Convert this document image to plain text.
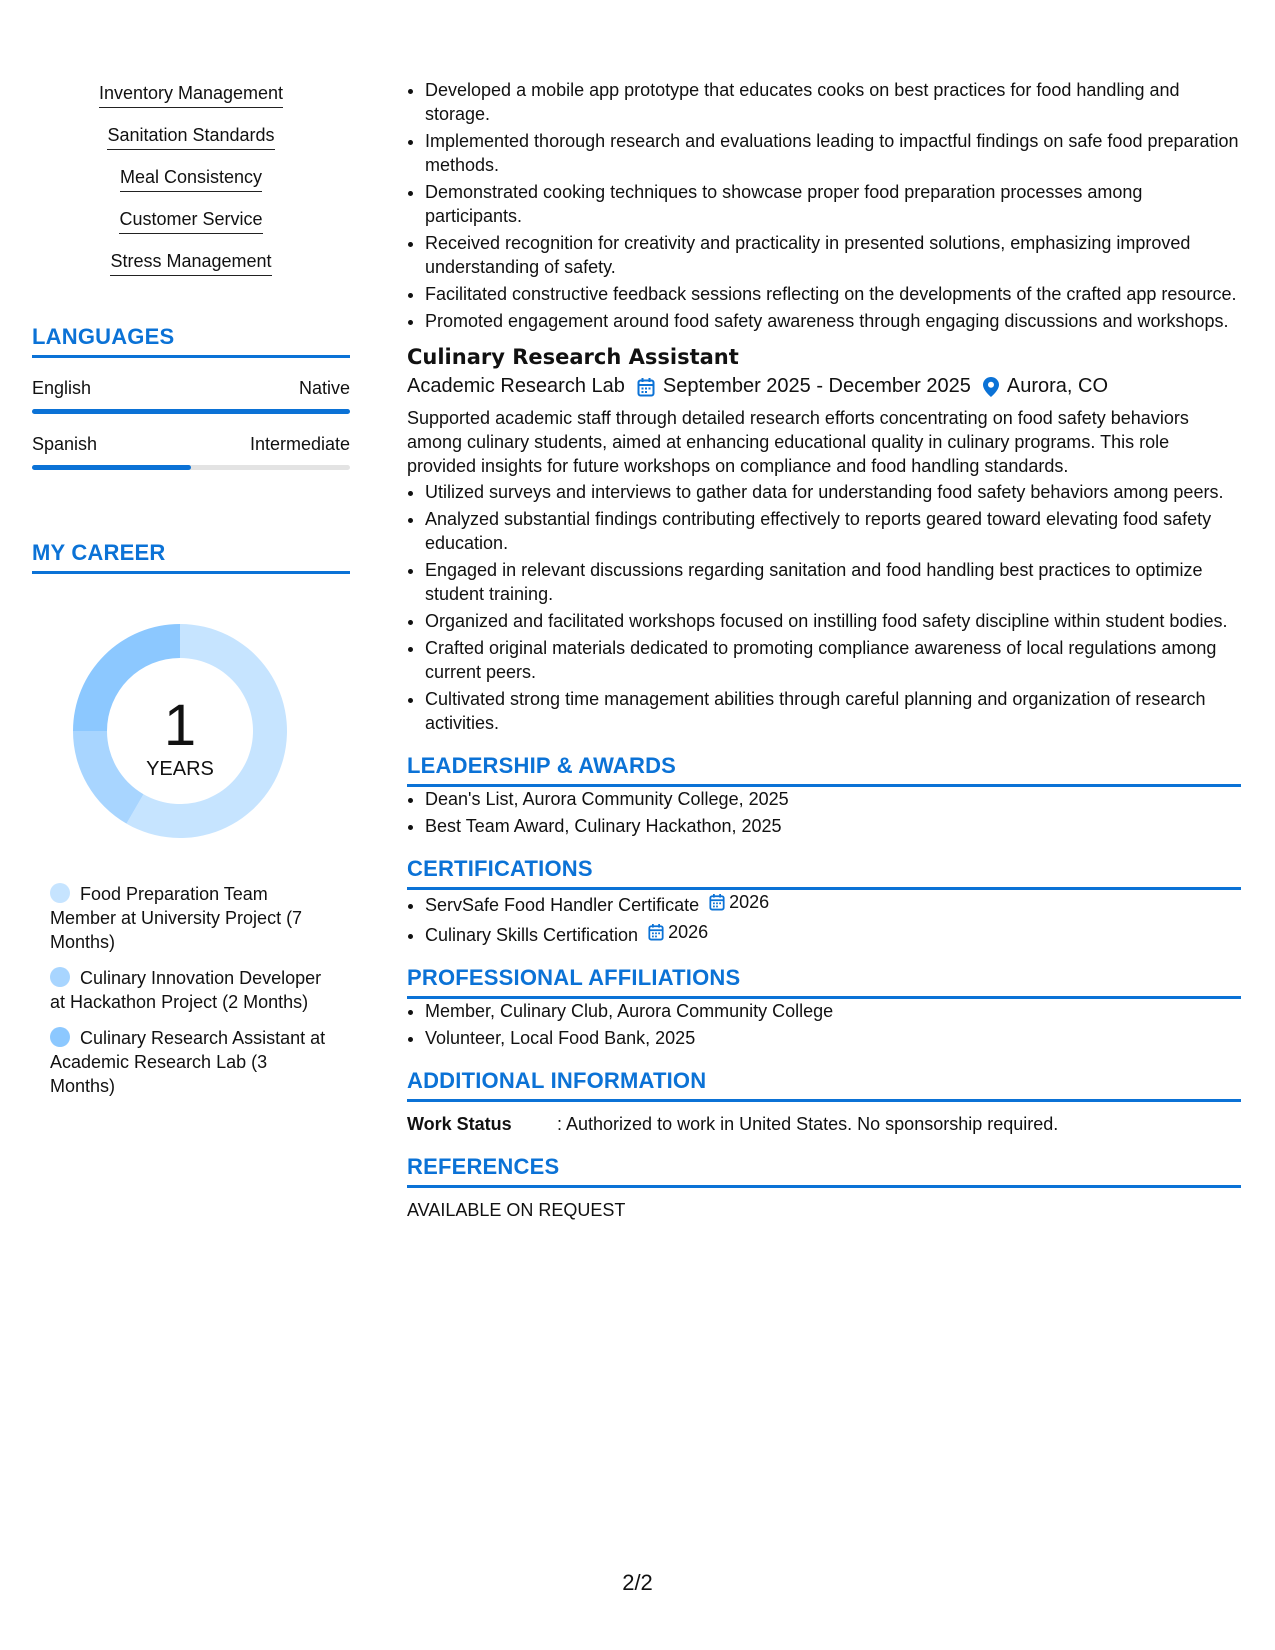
Inventory Management
Sanitation Standards
Meal Consistency
Customer Service
Stress Management
LANGUAGES
English	Native
Spanish	Intermediate
MY CAREER
1
YEARS
Food Preparation Team Member at University Project (7 Months)
Culinary Innovation Developer at Hackathon Project (2 Months)
Culinary Research Assistant at Academic Research Lab (3 Months)
• Developed a mobile app prototype that educates cooks on best practices for food handling and storage.
• Implemented thorough research and evaluations leading to impactful findings on safe food preparation methods.
• Demonstrated cooking techniques to showcase proper food preparation processes among participants.
• Received recognition for creativity and practicality in presented solutions, emphasizing improved understanding of safety.
• Facilitated constructive feedback sessions reflecting on the developments of the crafted app resource.
• Promoted engagement around food safety awareness through engaging discussions and workshops.
Culinary Research Assistant
Academic Research Lab September 2025 - December 2025 Aurora, CO
Supported academic staff through detailed research efforts concentrating on food safety behaviors among culinary students, aimed at enhancing educational quality in culinary programs. This role provided insights for future workshops on compliance and food handling standards.
• Utilized surveys and interviews to gather data for understanding food safety behaviors among peers.
• Analyzed substantial findings contributing effectively to reports geared toward elevating food safety education.
• Engaged in relevant discussions regarding sanitation and food handling best practices to optimize student training.
• Organized and facilitated workshops focused on instilling food safety discipline within student bodies.
• Crafted original materials dedicated to promoting compliance awareness of local regulations among current peers.
• Cultivated strong time management abilities through careful planning and organization of research activities.
LEADERSHIP & AWARDS
• Dean's List, Aurora Community College, 2025
• Best Team Award, Culinary Hackathon, 2025
CERTIFICATIONS
• ServSafe Food Handler Certificate 2026
• Culinary Skills Certification 2026
PROFESSIONAL AFFILIATIONS
• Member, Culinary Club, Aurora Community College
• Volunteer, Local Food Bank, 2025
ADDITIONAL INFORMATION
Work Status	: Authorized to work in United States. No sponsorship required.
REFERENCES
AVAILABLE ON REQUEST
2/2
